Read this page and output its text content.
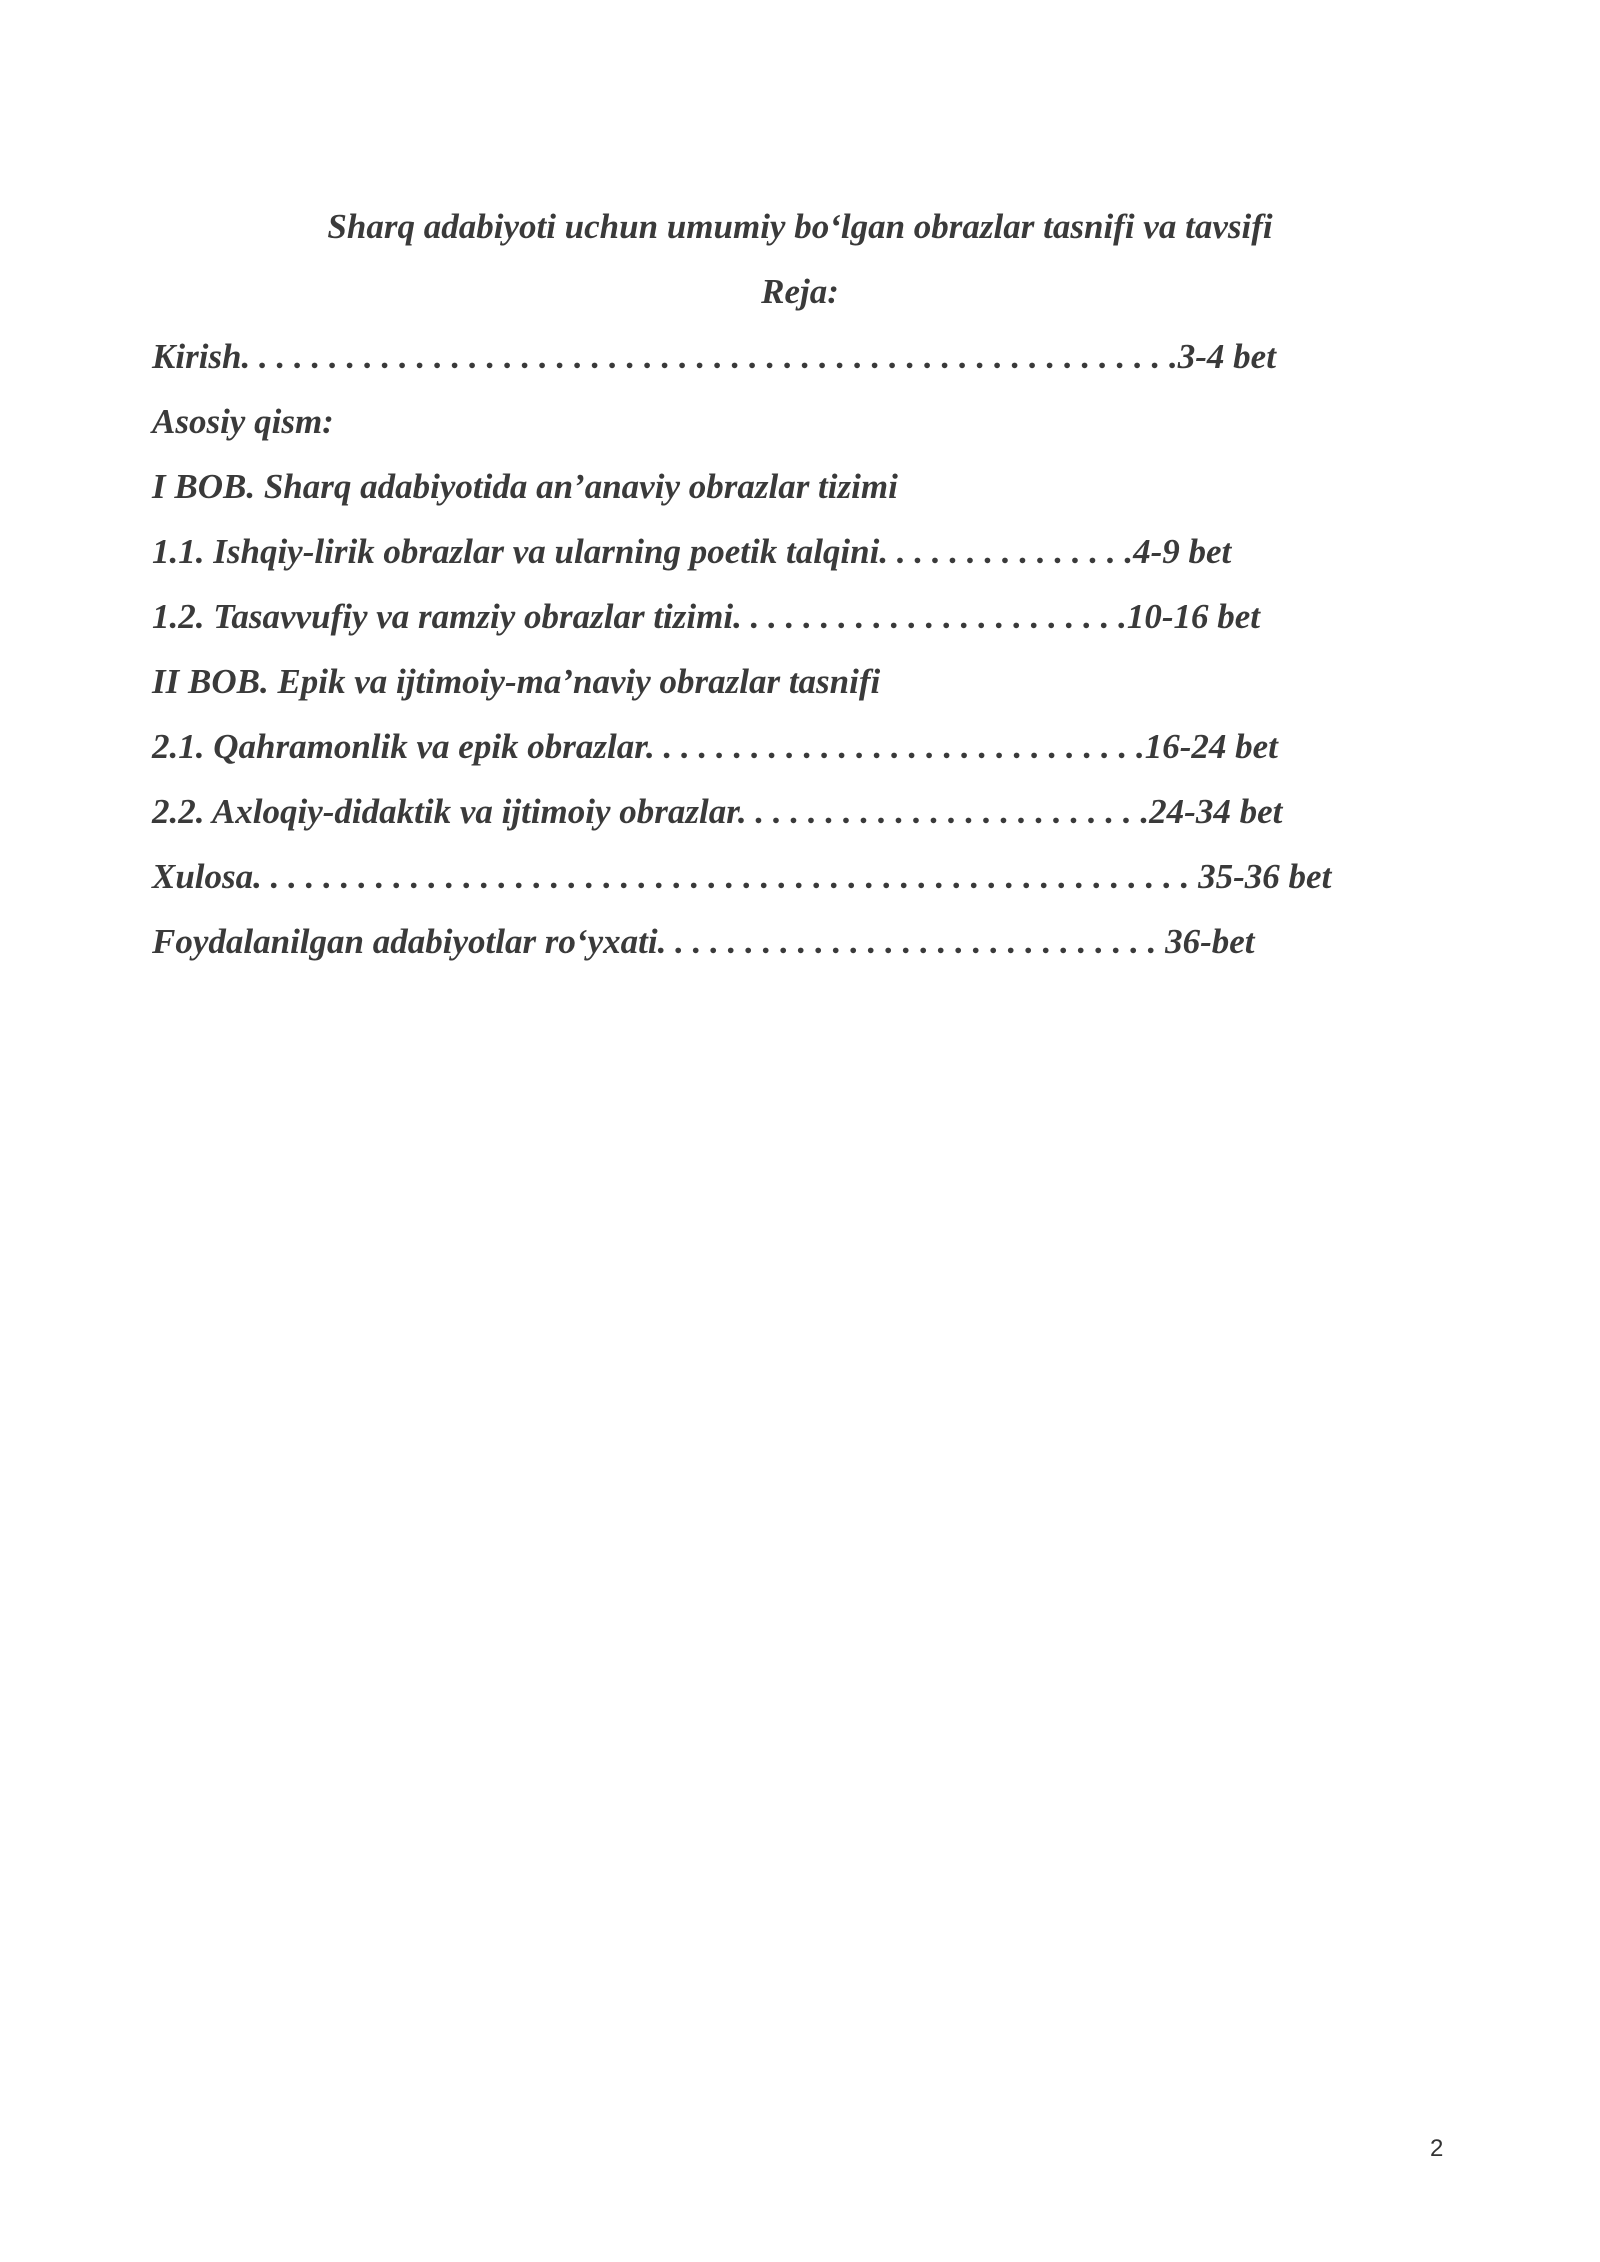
Sharq adabiyoti uchun umumiy bo‘lgan obrazlar tasnifi va tavsifi
Reja:
Kirish. . . . . . . . . . . . . . . . . . . . . . . . . . . . . . . . . . . . . . . . . . . . . . . . . . . . . .3-4 bet
Asosiy qism:
I BOB. Sharq adabiyotida an’anaviy obrazlar tizimi
1.1. Ishqiy-lirik obrazlar va ularning poetik talqini. . . . . . . . . . . . . . .4-9 bet
1.2. Tasavvufiy va ramziy obrazlar tizimi. . . . . . . . . . . . . . . . . . . . . . .10-16 bet
II BOB. Epik va ijtimoiy-ma’naviy obrazlar tasnifi
2.1. Qahramonlik va epik obrazlar. . . . . . . . . . . . . . . . . . . . . . . . . . . . .16-24 bet
2.2. Axloqiy-didaktik va ijtimoiy obrazlar. . . . . . . . . . . . . . . . . . . . . . . .24-34 bet
Xulosa. . . . . . . . . . . . . . . . . . . . . . . . . . . . . . . . . . . . . . . . . . . . . . . . . . . . . . 35-36 bet
Foydalanilgan adabiyotlar ro‘yxati. . . . . . . . . . . . . . . . . . . . . . . . . . . . . 36-bet
2
